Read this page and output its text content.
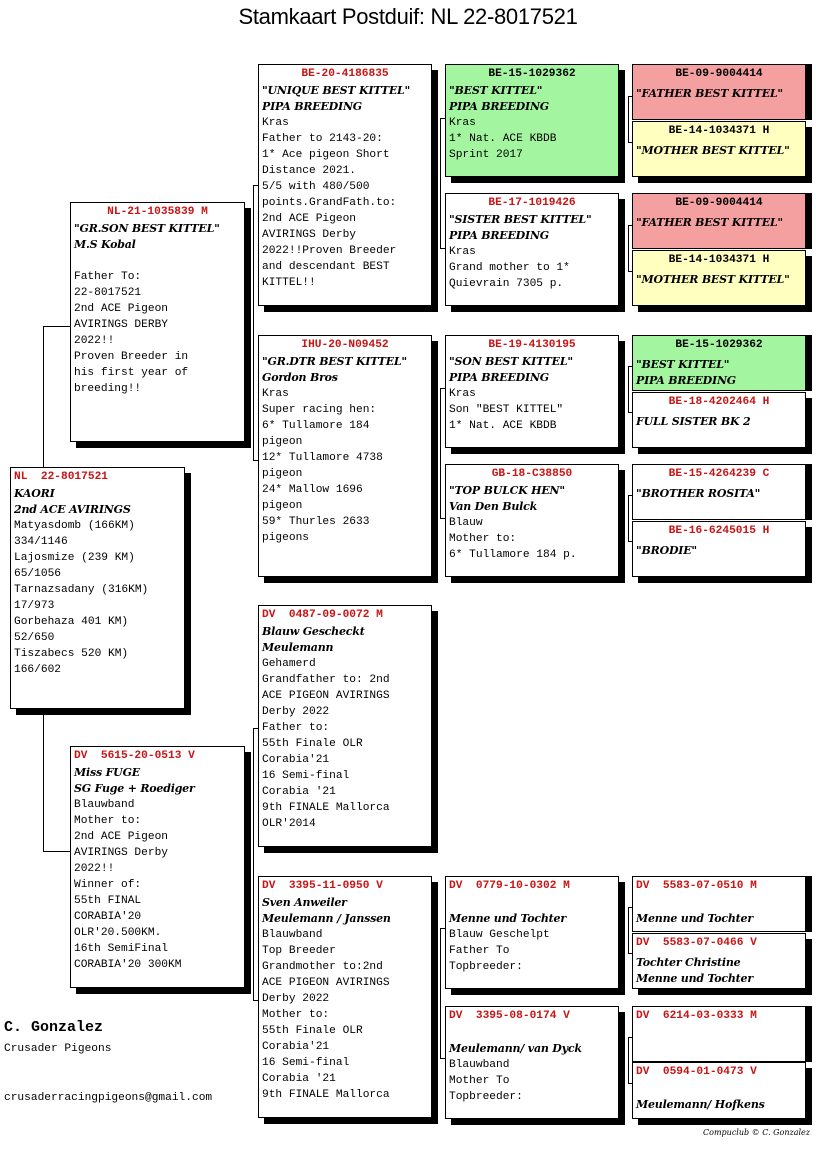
Stamkaart Postduif: NL 22-8017521
NL  22-8017521
KAORI
2nd ACE AVIRINGS
Matyasdomb (166KM)
334/1146
Lajosmize (239 KM)
65/1056
Tarnazsadany (316KM)
17/973
Gorbehaza 401 KM)
52/650
Tiszabecs 520 KM)
166/602
NL-21-1035839 M
"GR.SON BEST KITTEL"
M.S Kobal

Father To:
22-8017521
2nd ACE Pigeon
AVIRINGS DERBY
2022!!
Proven Breeder in
his first year of
breeding!!
DV  5615-20-0513 V
Miss FUGE
SG Fuge + Roediger
Blauwband
Mother to:
2nd ACE Pigeon
AVIRINGS Derby
2022!!
Winner of:
55th FINAL
CORABIA'20
OLR'20.500KM.
16th SemiFinal
CORABIA'20 300KM
BE-20-4186835
"UNIQUE BEST KITTEL"
PIPA BREEDING
Kras
Father to 2143-20:
1* Ace pigeon Short
Distance 2021.
5/5 with 480/500
points.GrandFath.to:
2nd ACE Pigeon
AVIRINGS Derby
2022!!Proven Breeder
and descendant BEST
KITTEL!!
IHU-20-N09452
"GR.DTR BEST KITTEL"
Gordon Bros
Kras
Super racing hen:
6* Tullamore 184
pigeon
12* Tullamore 4738
pigeon
24* Mallow 1696
pigeon
59* Thurles 2633
pigeons
DV  0487-09-0072 M
Blauw Gescheckt
Meulemann
Gehamerd
Grandfather to: 2nd
ACE PIGEON AVIRINGS
Derby 2022
Father to:
55th Finale OLR
Corabia'21
16 Semi-final
Corabia '21
9th FINALE Mallorca
OLR'2014
DV  3395-11-0950 V
Sven Anweiler
Meulemann / Janssen
Blauwband
Top Breeder
Grandmother to:2nd
ACE PIGEON AVIRINGS
Derby 2022
Mother to:
55th Finale OLR
Corabia'21
16 Semi-final
Corabia '21
9th FINALE Mallorca
BE-15-1029362
"BEST KITTEL"
PIPA BREEDING
Kras
1* Nat. ACE KBDB
Sprint 2017
BE-17-1019426
"SISTER BEST KITTEL"
PIPA BREEDING
Kras
Grand mother to 1*
Quievrain 7305 p.
BE-19-4130195
"SON BEST KITTEL"
PIPA BREEDING
Kras
Son "BEST KITTEL"
1* Nat. ACE KBDB
GB-18-C38850
"TOP BULCK HEN"
Van Den Bulck
Blauw
Mother to:
6* Tullamore 184 p.
DV  0779-10-0302 M

Menne und Tochter
Blauw Geschelpt
Father To
Topbreeder:
DV  3395-08-0174 V

Meulemann/ van Dyck
Blauwband
Mother To
Topbreeder:
BE-09-9004414
"FATHER BEST KITTEL"
BE-14-1034371 H
"MOTHER BEST KITTEL"
BE-09-9004414
"FATHER BEST KITTEL"
BE-14-1034371 H
"MOTHER BEST KITTEL"
BE-15-1029362
"BEST KITTEL"
PIPA BREEDING
BE-18-4202464 H
FULL SISTER BK 2
BE-15-4264239 C
"BROTHER ROSITA"
BE-16-6245015 H
"BRODIE"
DV  5583-07-0510 M

Menne und Tochter
DV  5583-07-0466 V
Tochter Christine
Menne und Tochter
DV  6214-03-0333 M
DV  0594-01-0473 V

Meulemann/ Hofkens
C. Gonzalez
Crusader Pigeons
crusaderracingpigeons@gmail.com
Compuclub © C. Gonzalez
